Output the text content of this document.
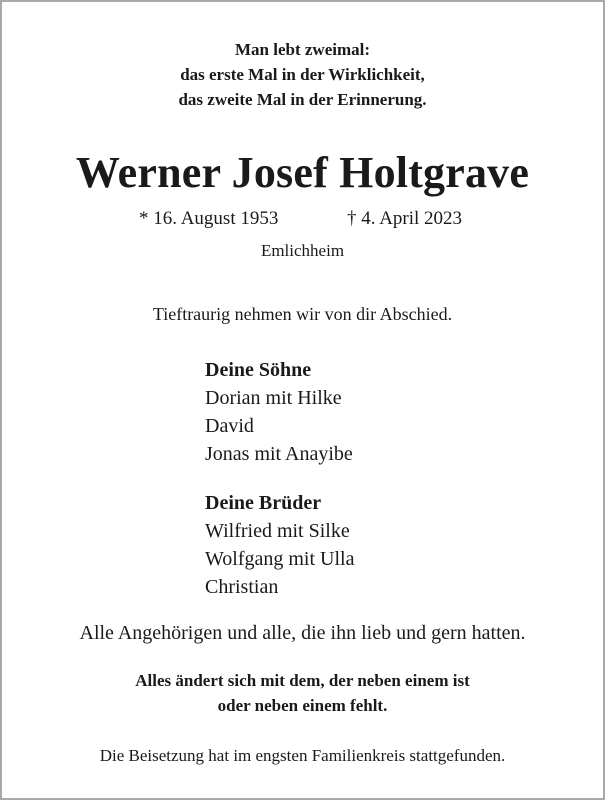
Man lebt zweimal:
das erste Mal in der Wirklichkeit,
das zweite Mal in der Erinnerung.
Werner Josef Holtgrave
* 16. August 1953	† 4. April 2023
Emlichheim
Tieftraurig nehmen wir von dir Abschied.
Deine Söhne
Dorian mit Hilke
David
Jonas mit Anayibe
Deine Brüder
Wilfried mit Silke
Wolfgang mit Ulla
Christian
Alle Angehörigen und alle, die ihn lieb und gern hatten.
Alles ändert sich mit dem, der neben einem ist
oder neben einem fehlt.
Die Beisetzung hat im engsten Familienkreis stattgefunden.
